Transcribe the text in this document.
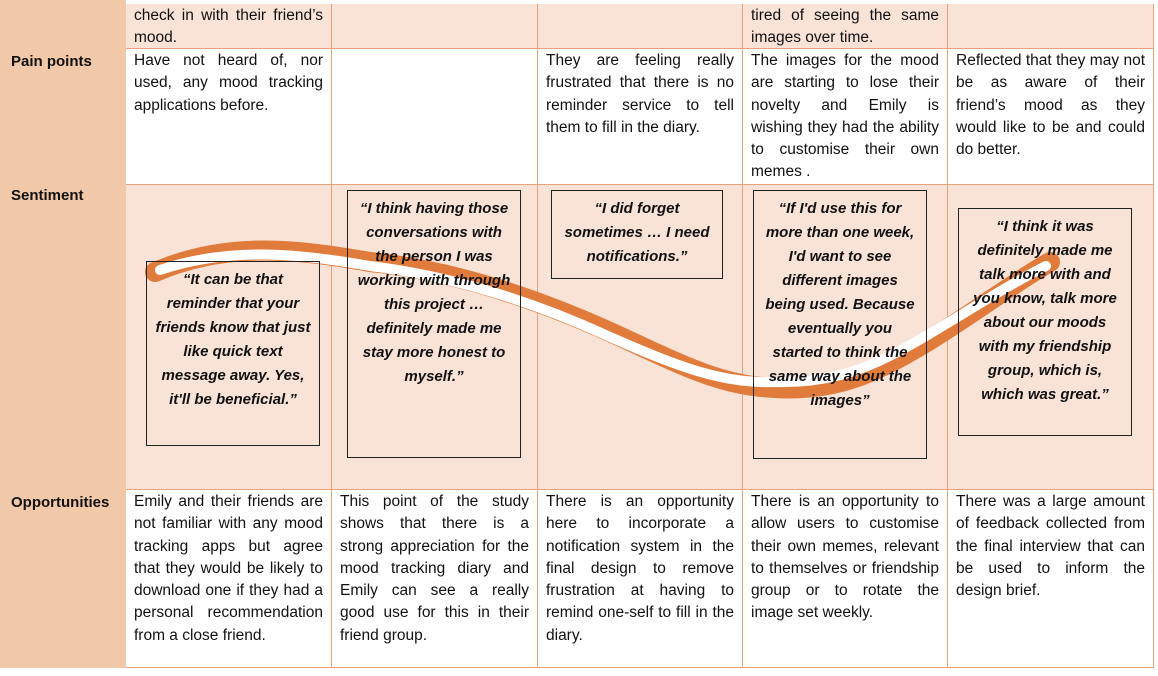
Pain points
Sentiment
Opportunities
check in with their friend’s mood.
tired of seeing the same images over time.
Have not heard of, nor used, any mood tracking applications before.
They are feeling really frustrated that there is no reminder service to tell them to fill in the diary.
The images for the mood are starting to lose their novelty and Emily is wishing they had the ability to customise their own memes .
Reflected that they may not be as aware of their friend’s mood as they would like to be and could do better.
Emily and their friends are not familiar with any mood tracking apps but agree that they would be likely to download one if they had a personal recommendation from a close friend.
This point of the study shows that there is a strong appreciation for the mood tracking diary and Emily can see a really good use for this in their friend group.
There is an opportunity here to incorporate a notification system in the final design to remove frustration at having to remind one-self to fill in the diary.
There is an opportunity to allow users to customise their own memes, relevant to themselves or friendship group or to rotate the image set weekly.
There was a large amount of feedback collected from the final interview that can be used to inform the design brief.
“It can be that reminder that your friends know that just like quick text message away. Yes, it'll be beneficial.”
“I think having those conversations with the person I was working with through this project … definitely made me stay more honest to myself.”
“I did forget sometimes … I need notifications.”
“If I'd use this for more than one week, I'd want to see different images being used. Because eventually you started to think the same way about the images”
“I think it was definitely made me talk more with and you know, talk more about our moods with my friendship group, which is, which was great.”
